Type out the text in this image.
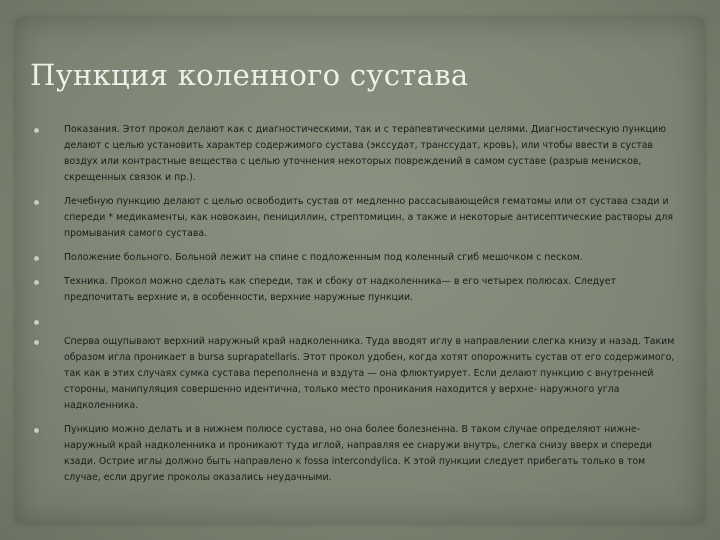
Пункция коленного сустава
Показания. Этот прокол делают как с диагностическими, так и с терапевтическими целями. Диагностическую пункцию делают с целью установить характер содержимого сустава (экссудат, транссудат, кровь), или чтобы ввести в сустав воздух или контрастные вещества с целью уточнения некоторых повреждений в самом суставе (разрыв менисков, скрещенных связок и пр.).
Лечебную пункцию делают с целью освободить сустав от медленно рассасывающейся гематомы или от сустава сзади и спереди * медикаменты, как новокаин, пенициллин, стрептомицин, а также и некоторые антисептические растворы для промывания самого сустава.
Положение больного. Больной лежит на спине с подложенным под коленный сгиб мешочком с песком.
Техника. Прокол можно сделать как спереди, так и сбоку от надколенника— в его четырех полюсах. Следует предпочитать верхние и, в особенности, верхние наружные пункции.
Сперва ощупывают верхний наружный край надколенника. Туда вводят иглу в направлении слегка книзу и назад. Таким образом игла проникает в bursa suprapatellaris. Этот прокол удобен, когда хотят опорожнить сустав от его содержимого, так как в этих случаях сумка сустава переполнена и вздута — она флюктуирует. Если делают пункцию с внутренней стороны, манипуляция совершенно идентична, только место проникания находится у верхне- наружного угла надколенника.
Пункцию можно делать и в нижнем полюсе сустава, но она более болезненна. В таком случае определяют нижне- наружный край надколенника и проникают туда иглой, направляя ее снаружи внутрь, слегка снизу вверх и спереди кзади. Острие иглы должно быть направлено к fossa intercondylica. К этой пункции следует прибегать только в том случае, если другие проколы оказались неудачными.
